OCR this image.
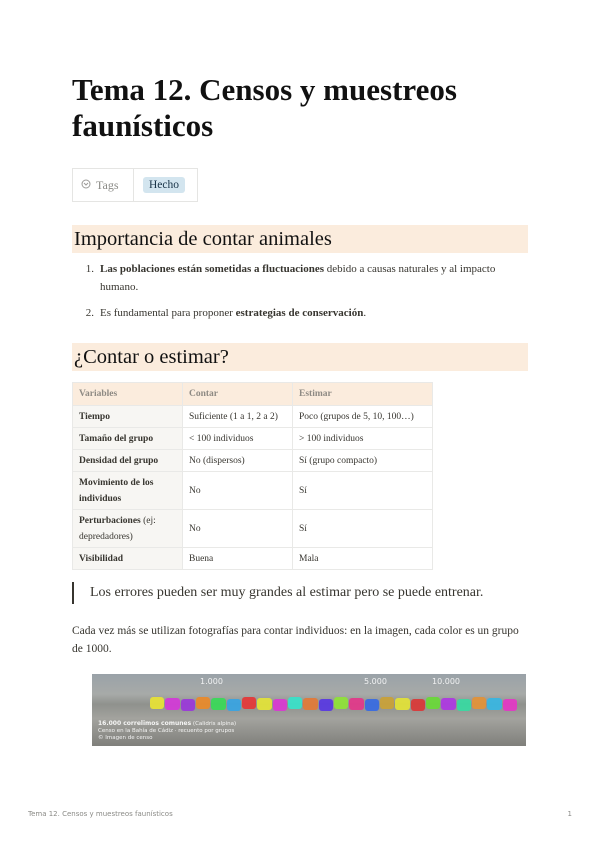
Tema 12. Censos y muestreos faunísticos
Tags	Hecho
Importancia de contar animales
1. Las poblaciones están sometidas a fluctuaciones debido a causas naturales y al impacto humano.
2. Es fundamental para proponer estrategias de conservación.
¿Contar o estimar?
Variables	Contar	Estimar
Tiempo	Suficiente (1 a 1, 2 a 2)	Poco (grupos de 5, 10, 100…)
Tamaño del grupo	< 100 individuos	> 100 individuos
Densidad del grupo	No (dispersos)	Sí (grupo compacto)
Movimiento de los individuos	No	Sí
Perturbaciones (ej: depredadores)	No	Sí
Visibilidad	Buena	Mala
Los errores pueden ser muy grandes al estimar pero se puede entrenar.
Cada vez más se utilizan fotografías para contar individuos: en la imagen, cada color es un grupo de 1000.
1.000	5.000	10.000
16.000 correlimos comunes (Calidris alpina)
Censo en la Bahía de Cádiz · recuento por grupos
© Imagen de censo
Tema 12. Censos y muestreos faunísticos	1
